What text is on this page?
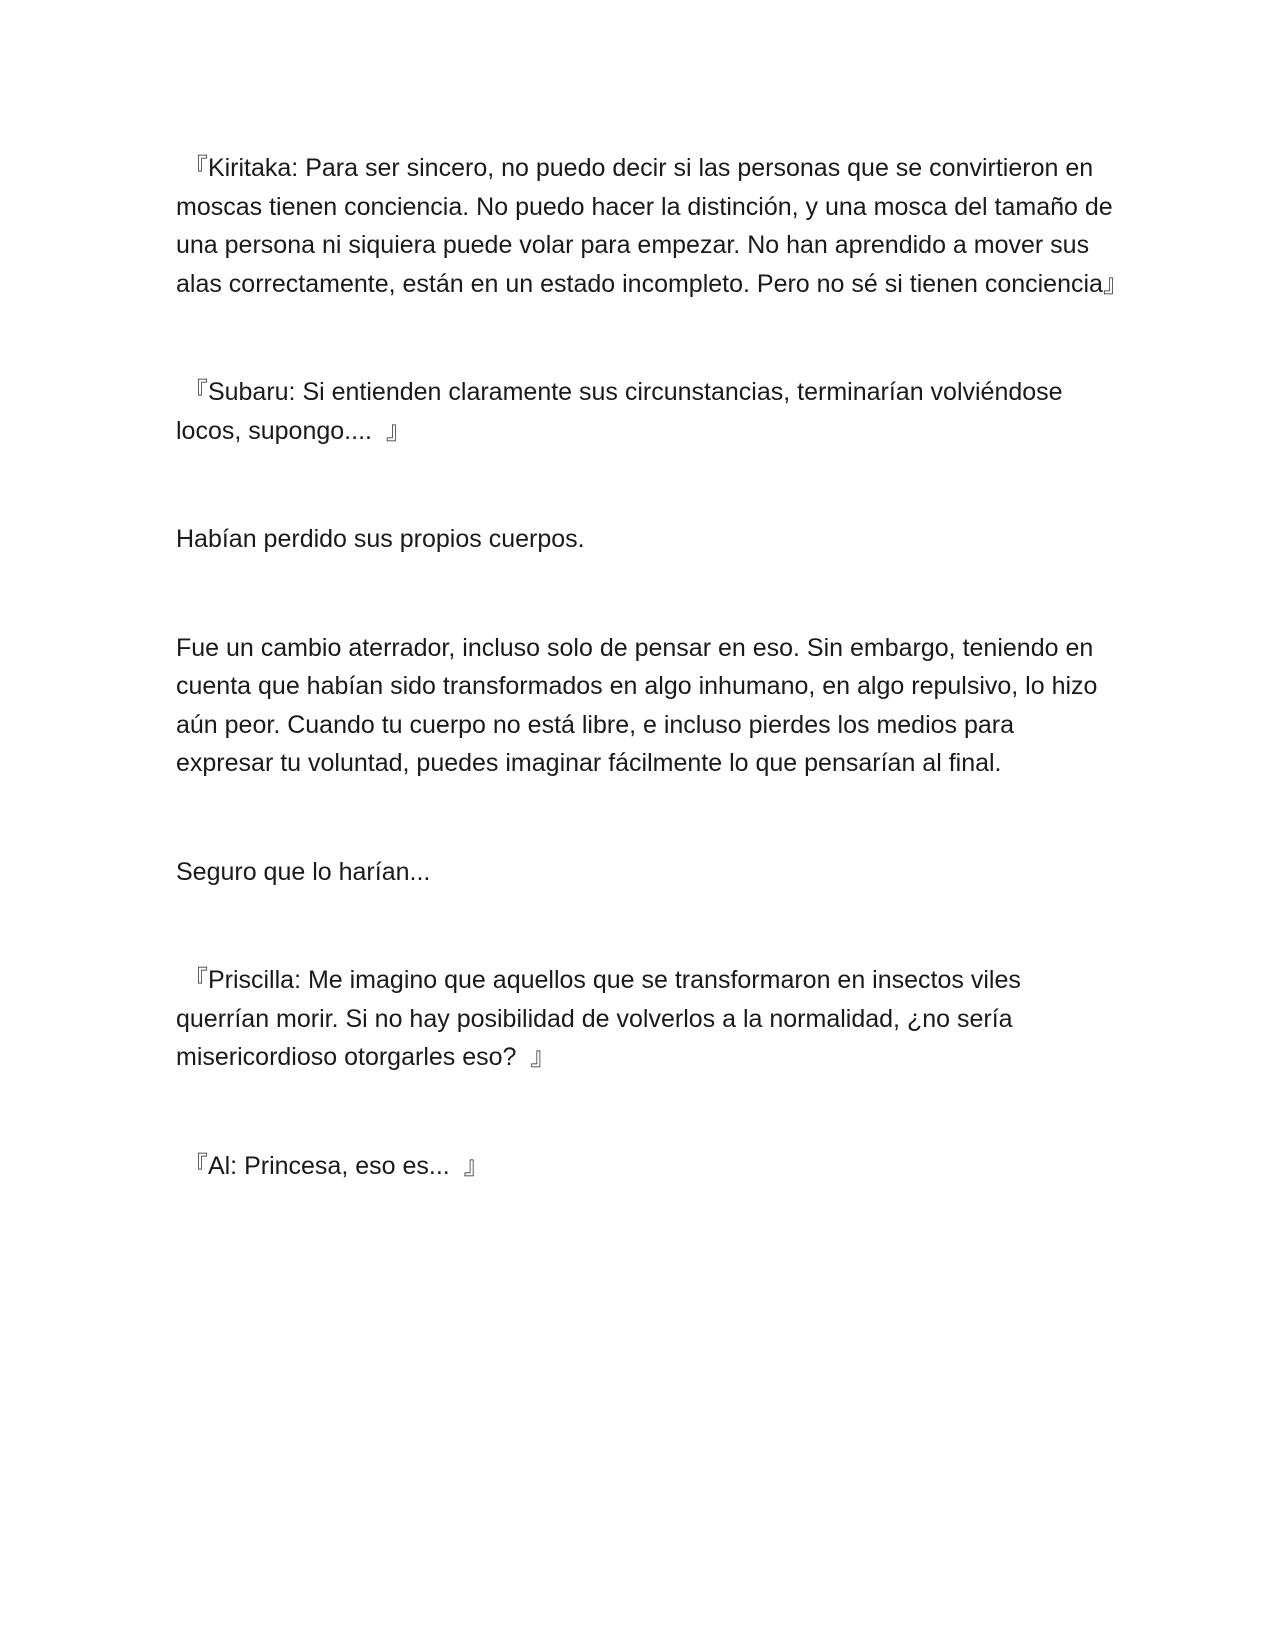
『Kiritaka: Para ser sincero, no puedo decir si las personas que se convirtieron en moscas tienen conciencia. No puedo hacer la distinción, y una mosca del tamaño de una persona ni siquiera puede volar para empezar. No han aprendido a mover sus alas correctamente, están en un estado incompleto. Pero no sé si tienen conciencia』

『Subaru: Si entienden claramente sus circunstancias, terminarían volviéndose locos, supongo....  』

Habían perdido sus propios cuerpos.

Fue un cambio aterrador, incluso solo de pensar en eso. Sin embargo, teniendo en cuenta que habían sido transformados en algo inhumano, en algo repulsivo, lo hizo aún peor. Cuando tu cuerpo no está libre, e incluso pierdes los medios para expresar tu voluntad, puedes imaginar fácilmente lo que pensarían al final.

Seguro que lo harían...

『Priscilla: Me imagino que aquellos que se transformaron en insectos viles querrían morir. Si no hay posibilidad de volverlos a la normalidad, ¿no sería misericordioso otorgarles eso?  』

『Al: Princesa, eso es...  』
